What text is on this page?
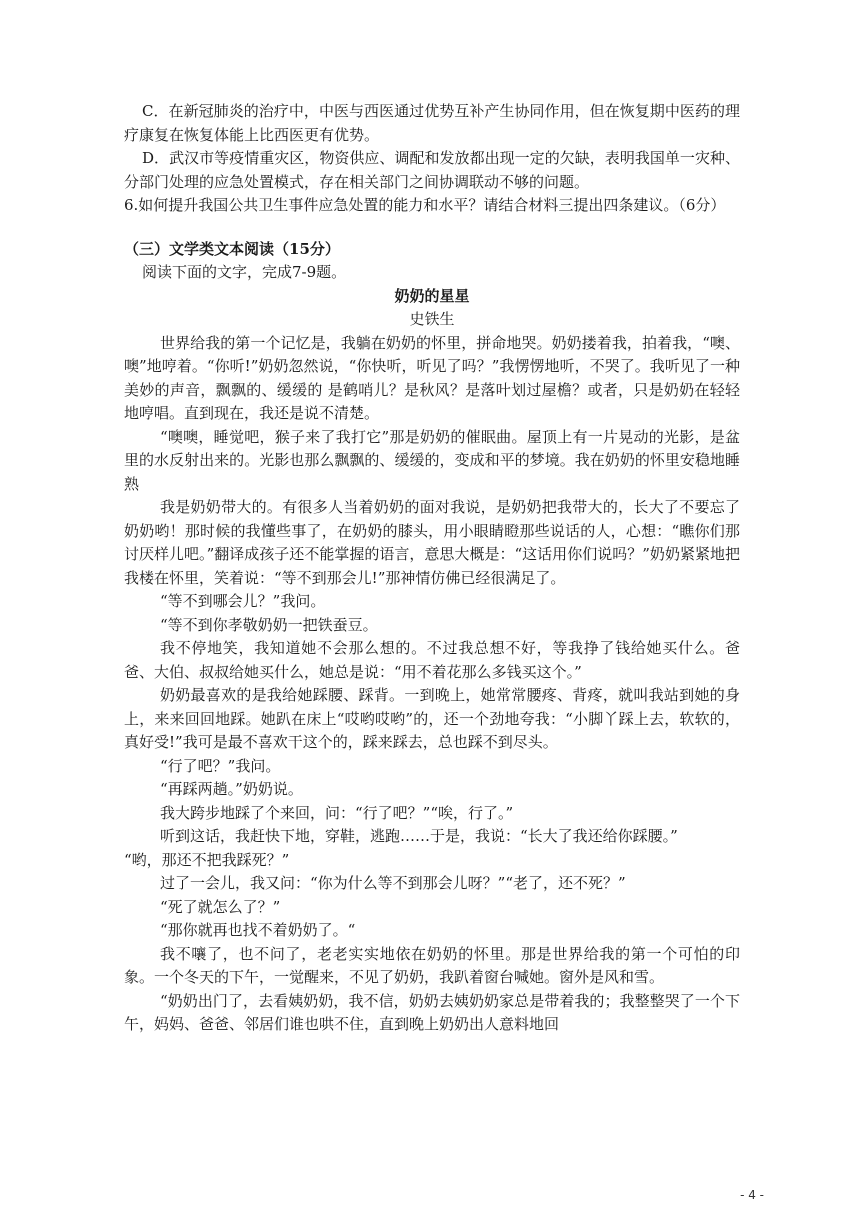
C．在新冠肺炎的治疗中，中医与西医通过优势互补产生协同作用，但在恢复期中医药的理疗康复在恢复体能上比西医更有优势。

D．武汉市等疫情重灾区，物资供应、调配和发放都出现一定的欠缺，表明我国单一灾种、分部门处理的应急处置模式，存在相关部门之间协调联动不够的问题。

6.如何提升我国公共卫生事件应急处置的能力和水平？请结合材料三提出四条建议。（6分）

（三）文学类文本阅读（15分）

阅读下面的文字，完成7-9题。

奶奶的星星

史铁生

世界给我的第一个记忆是，我躺在奶奶的怀里，拼命地哭。奶奶搂着我，拍着我，“噢、噢”地哼着。“你听!”奶奶忽然说，“你快听，听见了吗？”我愣愣地听，不哭了。我听见了一种美妙的声音，飘飘的、缓缓的 是鹤哨儿？是秋风？是落叶划过屋檐？或者，只是奶奶在轻轻地哼唱。直到现在，我还是说不清楚。

“噢噢，睡觉吧，猴子来了我打它”那是奶奶的催眠曲。屋顶上有一片晃动的光影，是盆里的水反射出来的。光影也那么飘飘的、缓缓的，变成和平的梦境。我在奶奶的怀里安稳地睡熟

我是奶奶带大的。有很多人当着奶奶的面对我说，是奶奶把我带大的，长大了不要忘了奶奶哟！那时候的我懂些事了，在奶奶的膝头，用小眼睛瞪那些说话的人，心想：“瞧你们那讨厌样儿吧。”翻译成孩子还不能掌握的语言，意思大概是：“这话用你们说吗？”奶奶紧紧地把我楼在怀里，笑着说：“等不到那会儿!”那神情仿佛已经很满足了。

“等不到哪会儿？”我问。

“等不到你孝敬奶奶一把铁蚕豆。

我不停地笑，我知道她不会那么想的。不过我总想不好，等我挣了钱给她买什么。爸爸、大伯、叔叔给她买什么，她总是说：“用不着花那么多钱买这个。”

奶奶最喜欢的是我给她踩腰、踩背。一到晚上，她常常腰疼、背疼，就叫我站到她的身上，来来回回地踩。她趴在床上“哎哟哎哟”的，还一个劲地夸我：“小脚丫踩上去，软软的，真好受!”我可是最不喜欢干这个的，踩来踩去，总也踩不到尽头。

“行了吧？”我问。

“再踩两趟。”奶奶说。

我大跨步地踩了个来回，问：“行了吧？”“唉，行了。”

听到这话，我赶快下地，穿鞋，逃跑……于是，我说：“长大了我还给你踩腰。”

“哟，那还不把我踩死？”

过了一会儿，我又问：“你为什么等不到那会儿呀？”“老了，还不死？”

“死了就怎么了？”

“那你就再也找不着奶奶了。“

我不嚷了，也不问了，老老实实地依在奶奶的怀里。那是世界给我的第一个可怕的印象。一个冬天的下午，一觉醒来，不见了奶奶，我趴着窗台喊她。窗外是风和雪。

“奶奶出门了，去看姨奶奶，我不信，奶奶去姨奶奶家总是带着我的；我整整哭了一个下午，妈妈、爸爸、邻居们谁也哄不住，直到晚上奶奶出人意料地回

- 4 -
